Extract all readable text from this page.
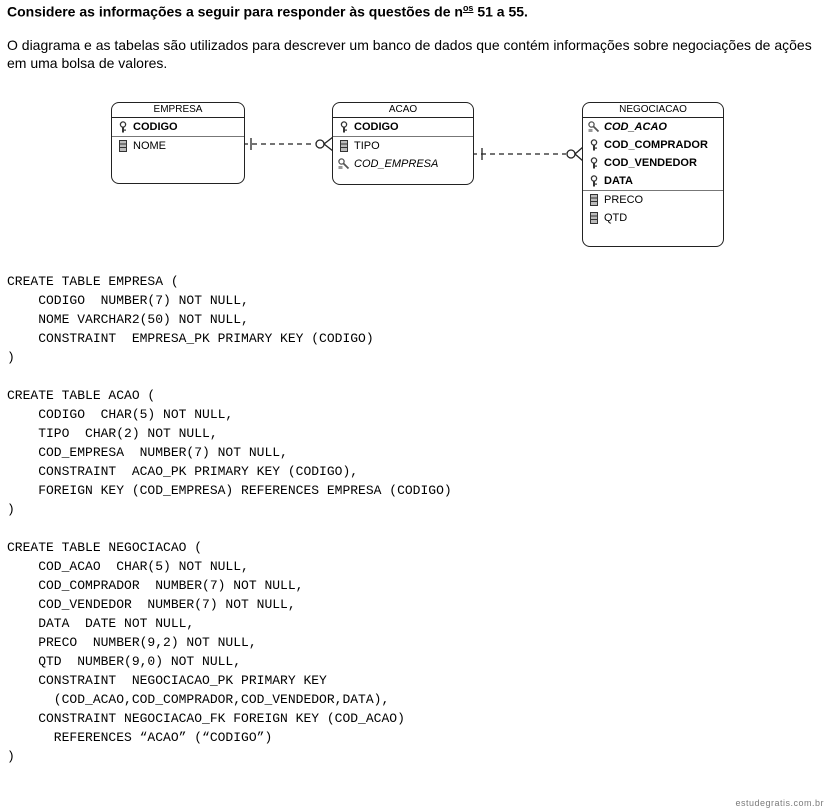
Considere as informações a seguir para responder às questões de $n^{os}$ 51 a 55.
O diagrama e as tabelas são utilizados para descrever um banco de dados que contém informações sobre negociações de ações em uma bolsa de valores.
EMPRESA
CODIGO
NOME
ACAO
CODIGO
TIPO
COD_EMPRESA
NEGOCIACAO
COD_ACAO
COD_COMPRADOR
COD_VENDEDOR
DATA
PRECO
QTD
CREATE TABLE EMPRESA (
CODIGO  NUMBER(7) NOT NULL,
NOME VARCHAR2(50) NOT NULL,
CONSTRAINT  EMPRESA_PK PRIMARY KEY (CODIGO)
)
CREATE TABLE ACAO (
CODIGO  CHAR(5) NOT NULL,
TIPO  CHAR(2) NOT NULL,
COD_EMPRESA  NUMBER(7) NOT NULL,
CONSTRAINT  ACAO_PK PRIMARY KEY (CODIGO),
FOREIGN KEY (COD_EMPRESA) REFERENCES EMPRESA (CODIGO)
)
CREATE TABLE NEGOCIACAO (
COD_ACAO  CHAR(5) NOT NULL,
COD_COMPRADOR  NUMBER(7) NOT NULL,
COD_VENDEDOR  NUMBER(7) NOT NULL,
DATA  DATE NOT NULL,
PRECO  NUMBER(9,2) NOT NULL,
QTD  NUMBER(9,0) NOT NULL,
CONSTRAINT  NEGOCIACAO_PK PRIMARY KEY
(COD_ACAO,COD_COMPRADOR,COD_VENDEDOR,DATA),
CONSTRAINT NEGOCIACAO_FK FOREIGN KEY (COD_ACAO)
REFERENCES “ACAO” (“CODIGO”)
)
estudegratis.com.br
